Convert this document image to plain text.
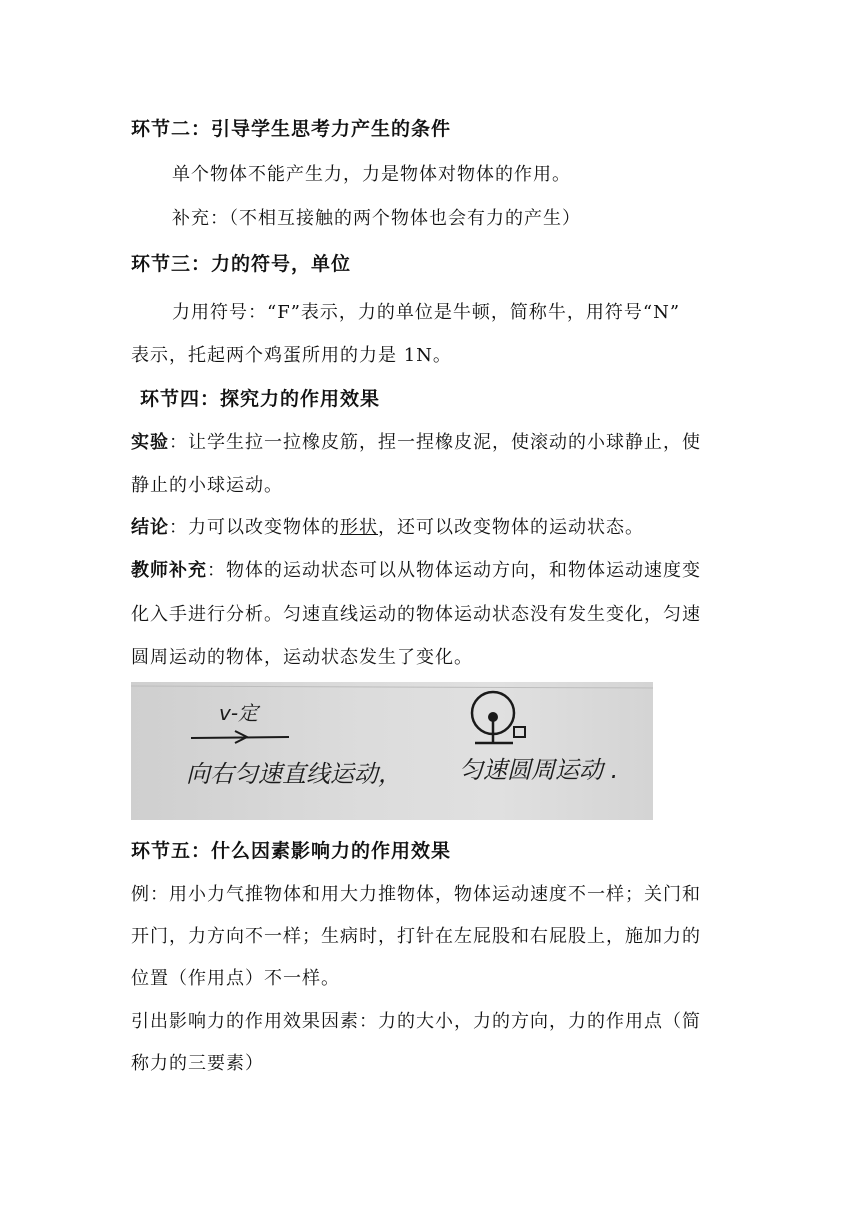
环节二：引导学生思考力产生的条件
单个物体不能产生力，力是物体对物体的作用。
补充：（不相互接触的两个物体也会有力的产生）
环节三：力的符号，单位
力用符号：“F”表示，力的单位是牛顿，简称牛，用符号“N”
表示，托起两个鸡蛋所用的力是 1N。
环节四：探究力的作用效果
实验：让学生拉一拉橡皮筋，捏一捏橡皮泥，使滚动的小球静止，使
静止的小球运动。
结论：力可以改变物体的形状，还可以改变物体的运动状态。
教师补充：物体的运动状态可以从物体运动方向，和物体运动速度变
化入手进行分析。匀速直线运动的物体运动状态没有发生变化，匀速
圆周运动的物体，运动状态发生了变化。
v-定
向右匀速直线运动， 匀速圆周运动 .
环节五：什么因素影响力的作用效果
例：用小力气推物体和用大力推物体，物体运动速度不一样；关门和
开门，力方向不一样；生病时，打针在左屁股和右屁股上，施加力的
位置（作用点）不一样。
引出影响力的作用效果因素：力的大小，力的方向，力的作用点（简
称力的三要素）
